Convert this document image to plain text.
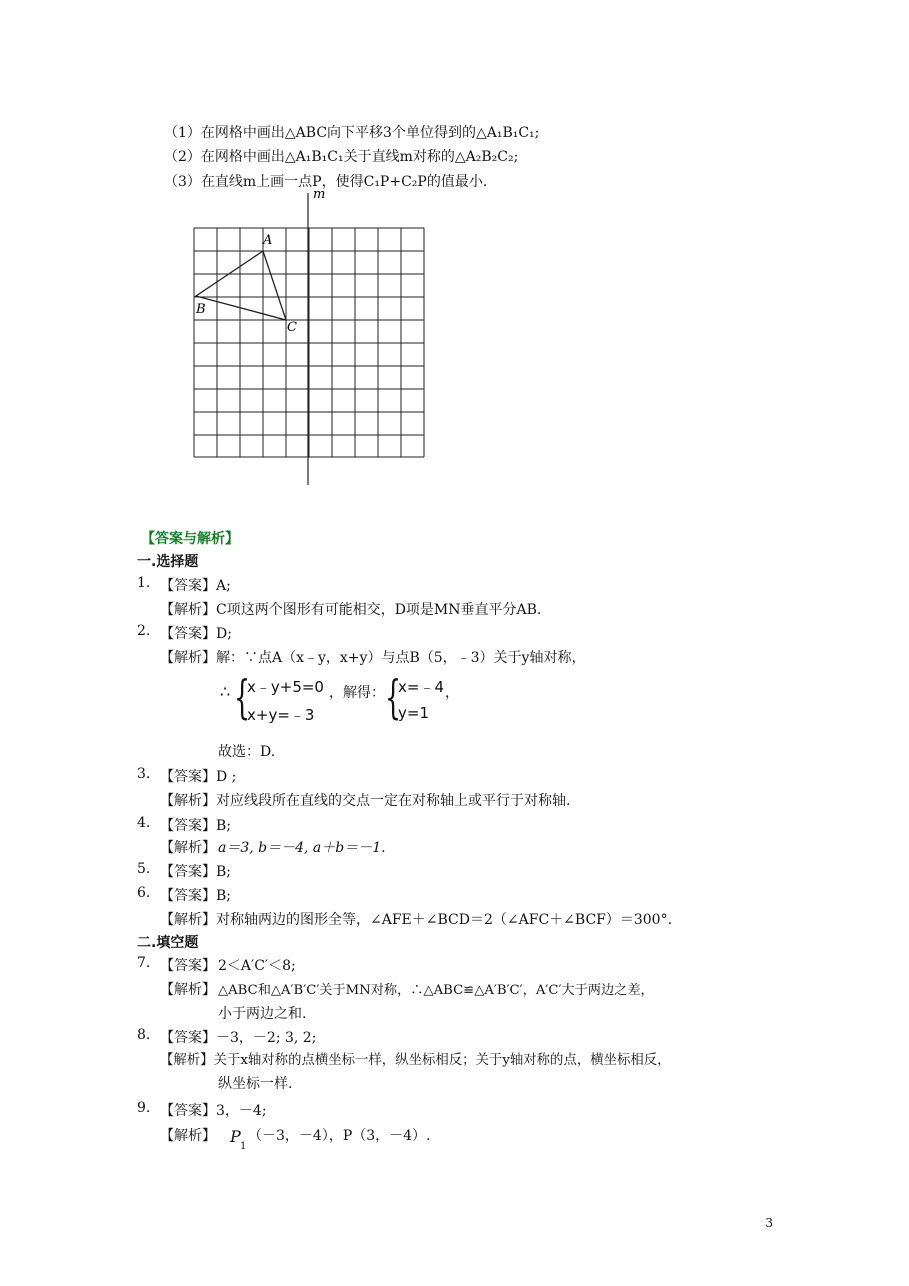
（1）在网格中画出△ABC向下平移3个单位得到的△A₁B₁C₁;
（2）在网格中画出△A₁B₁C₁关于直线m对称的△A₂B₂C₂;
（3）在直线m上画一点P，使得C₁P+C₂P的值最小.
m
A
B
C
【答案与解析】
一.选择题
1. 【答案】A;
【解析】C项这两个图形有可能相交，D项是MN垂直平分AB.
2. 【答案】D;
【解析】解：∵点A（x﹣y，x+y）与点B（5，﹣3）关于y轴对称，
∴ {
x﹣y+5=0
x+y=﹣3
，解得： {
x=﹣4
y=1
，
故选：D.
3. 【答案】D ;
【解析】对应线段所在直线的交点一定在对称轴上或平行于对称轴.
4. 【答案】B;
【解析】 a＝3, b＝－4, a＋b＝－1.
5. 【答案】B;
6. 【答案】B;
【解析】对称轴两边的图形全等，∠AFE＋∠BCD＝2（∠AFC＋∠BCF）＝300°.
二.填空题
7. 【答案】 2＜A′C′＜8;
【解析】 △ABC和△A′B′C′关于MN对称，∴△ABC≌△A′B′C′，A′C′大于两边之差，
小于两边之和.
8. 【答案】－3，－2; 3, 2;
【解析】关于x轴对称的点横坐标一样，纵坐标相反；关于y轴对称的点，横坐标相反，
纵坐标一样.
9. 【答案】3，－4;
【解析】 P
1
（－3，－4），P（3，－4）.
3
